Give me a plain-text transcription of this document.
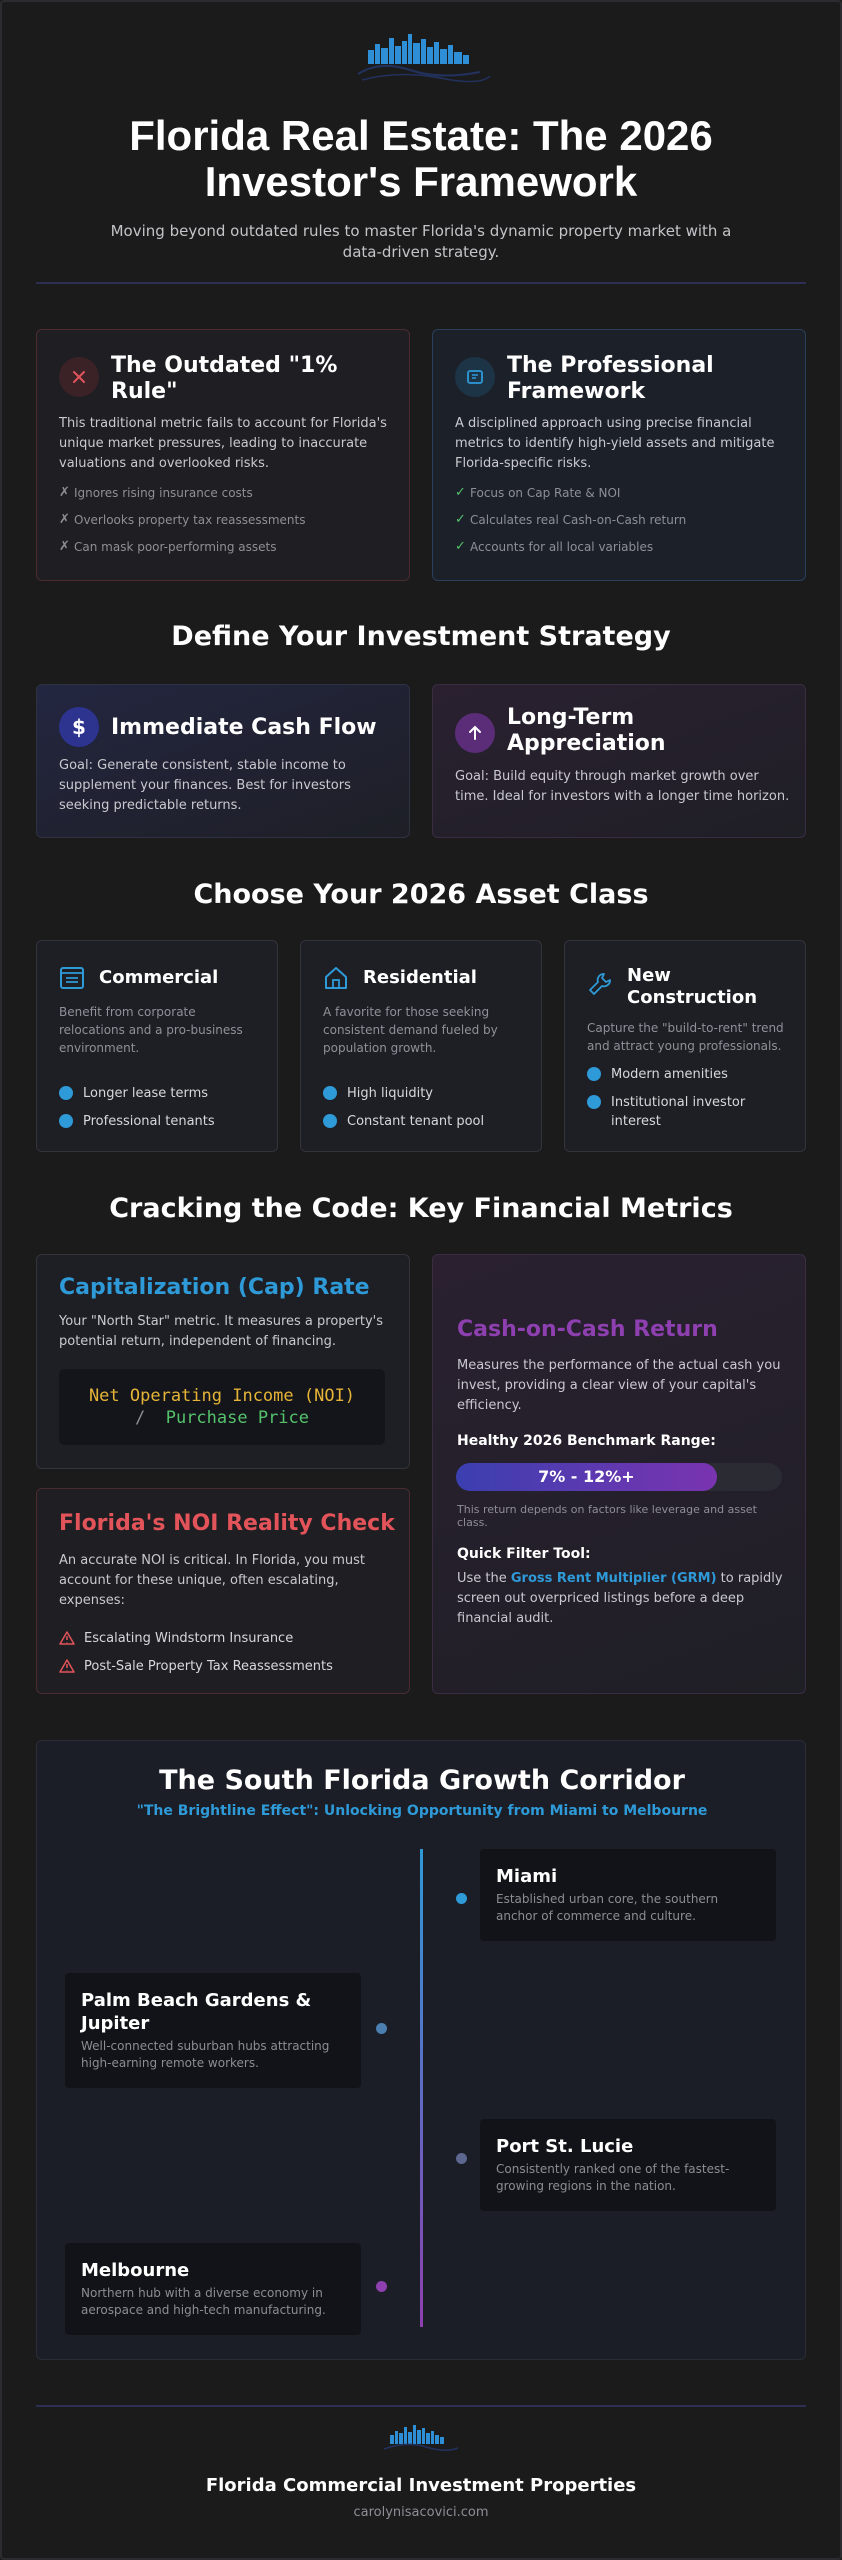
Florida Real Estate: The 2026 Investor's Framework
Moving beyond outdated rules to master Florida's dynamic property market with a data-driven strategy.
The Outdated "1% Rule"
This traditional metric fails to account for Florida's unique market pressures, leading to inaccurate valuations and overlooked risks.
✗ Ignores rising insurance costs
✗ Overlooks property tax reassessments
✗ Can mask poor-performing assets
The Professional Framework
A disciplined approach using precise financial metrics to identify high-yield assets and mitigate Florida-specific risks.
✓ Focus on Cap Rate & NOI
✓ Calculates real Cash-on-Cash return
✓ Accounts for all local variables
Define Your Investment Strategy
$ Immediate Cash Flow
Goal: Generate consistent, stable income to supplement your finances. Best for investors seeking predictable returns.
Long-Term Appreciation
Goal: Build equity through market growth over time. Ideal for investors with a longer time horizon.
Choose Your 2026 Asset Class
Commercial
Benefit from corporate relocations and a pro-business environment.
Longer lease terms
Professional tenants
Residential
A favorite for those seeking consistent demand fueled by population growth.
High liquidity
Constant tenant pool
New Construction
Capture the "build-to-rent" trend and attract young professionals.
Modern amenities
Institutional investor interest
Cracking the Code: Key Financial Metrics
Capitalization (Cap) Rate
Your "North Star" metric. It measures a property's potential return, independent of financing.
Net Operating Income (NOI)
/ Purchase Price
Florida's NOI Reality Check
An accurate NOI is critical. In Florida, you must account for these unique, often escalating, expenses:
Escalating Windstorm Insurance
Post-Sale Property Tax Reassessments
Cash-on-Cash Return
Measures the performance of the actual cash you invest, providing a clear view of your capital's efficiency.
Healthy 2026 Benchmark Range:
This return depends on factors like leverage and asset class.
Quick Filter Tool:
Use the Gross Rent Multiplier (GRM) to rapidly screen out overpriced listings before a deep financial audit.
7% - 12%+
The South Florida Growth Corridor
"The Brightline Effect": Unlocking Opportunity from Miami to Melbourne
Miami
Established urban core, the southern anchor of commerce and culture.
Palm Beach Gardens & Jupiter
Well-connected suburban hubs attracting high-earning remote workers.
Port St. Lucie
Consistently ranked one of the fastest-growing regions in the nation.
Melbourne
Northern hub with a diverse economy in aerospace and high-tech manufacturing.
Florida Commercial Investment Properties
carolynisacovici.com
